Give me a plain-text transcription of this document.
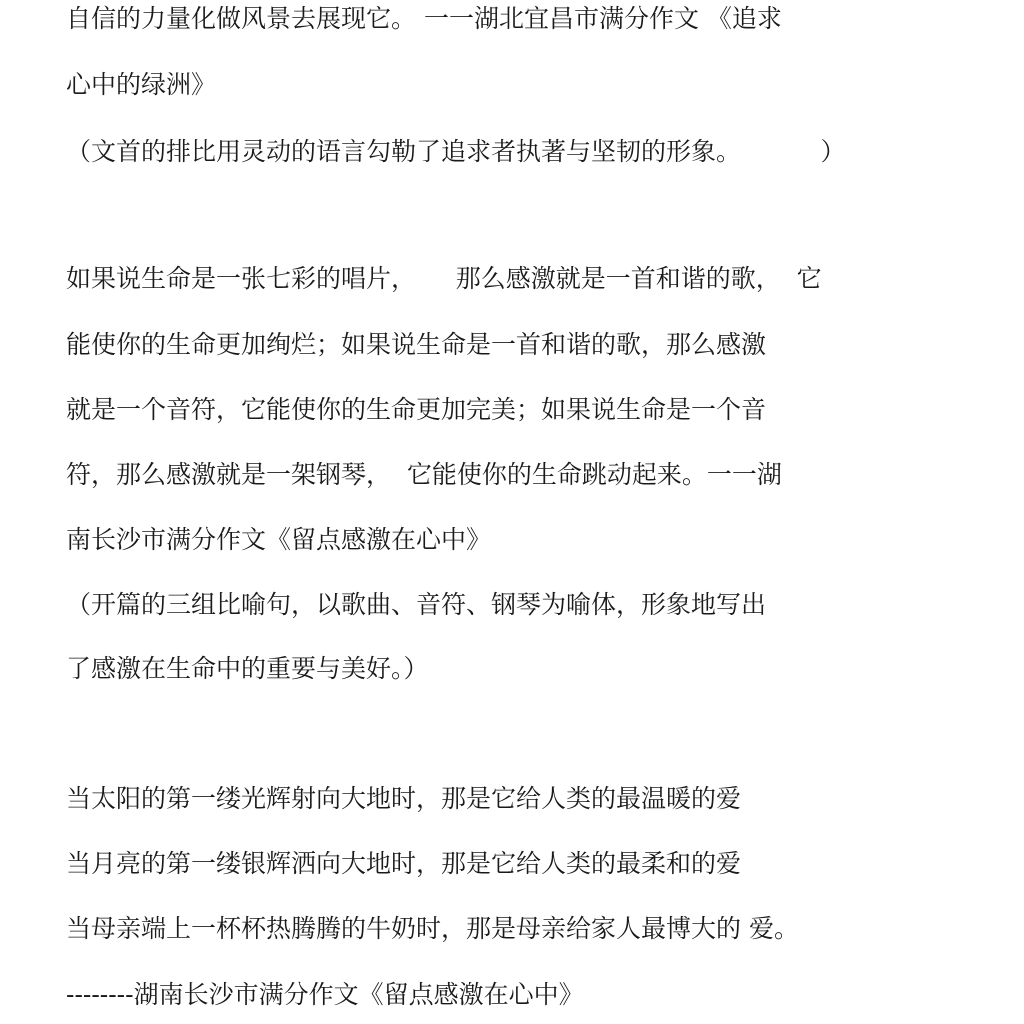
自信的力量化做风景去展现它。 一一湖北宜昌市满分作文 《追求
心中的绿洲》
（文首的排比用灵动的语言勾勒了追求者执著与坚韧的形象。          ）
如果说生命是一张七彩的唱片，     那么感激就是一首和谐的歌，  它
能使你的生命更加绚烂；如果说生命是一首和谐的歌，那么感激
就是一个音符，它能使你的生命更加完美；如果说生命是一个音
符，那么感激就是一架钢琴，  它能使你的生命跳动起来。一一湖
南长沙市满分作文《留点感激在心中》
（开篇的三组比喻句，以歌曲、音符、钢琴为喻体，形象地写出
了感激在生命中的重要与美好。）
当太阳的第一缕光辉射向大地时，那是它给人类的最温暖的爱
当月亮的第一缕银辉洒向大地时，那是它给人类的最柔和的爱
当母亲端上一杯杯热腾腾的牛奶时，那是母亲给家人最博大的 爱。
--------湖南长沙市满分作文《留点感激在心中》
